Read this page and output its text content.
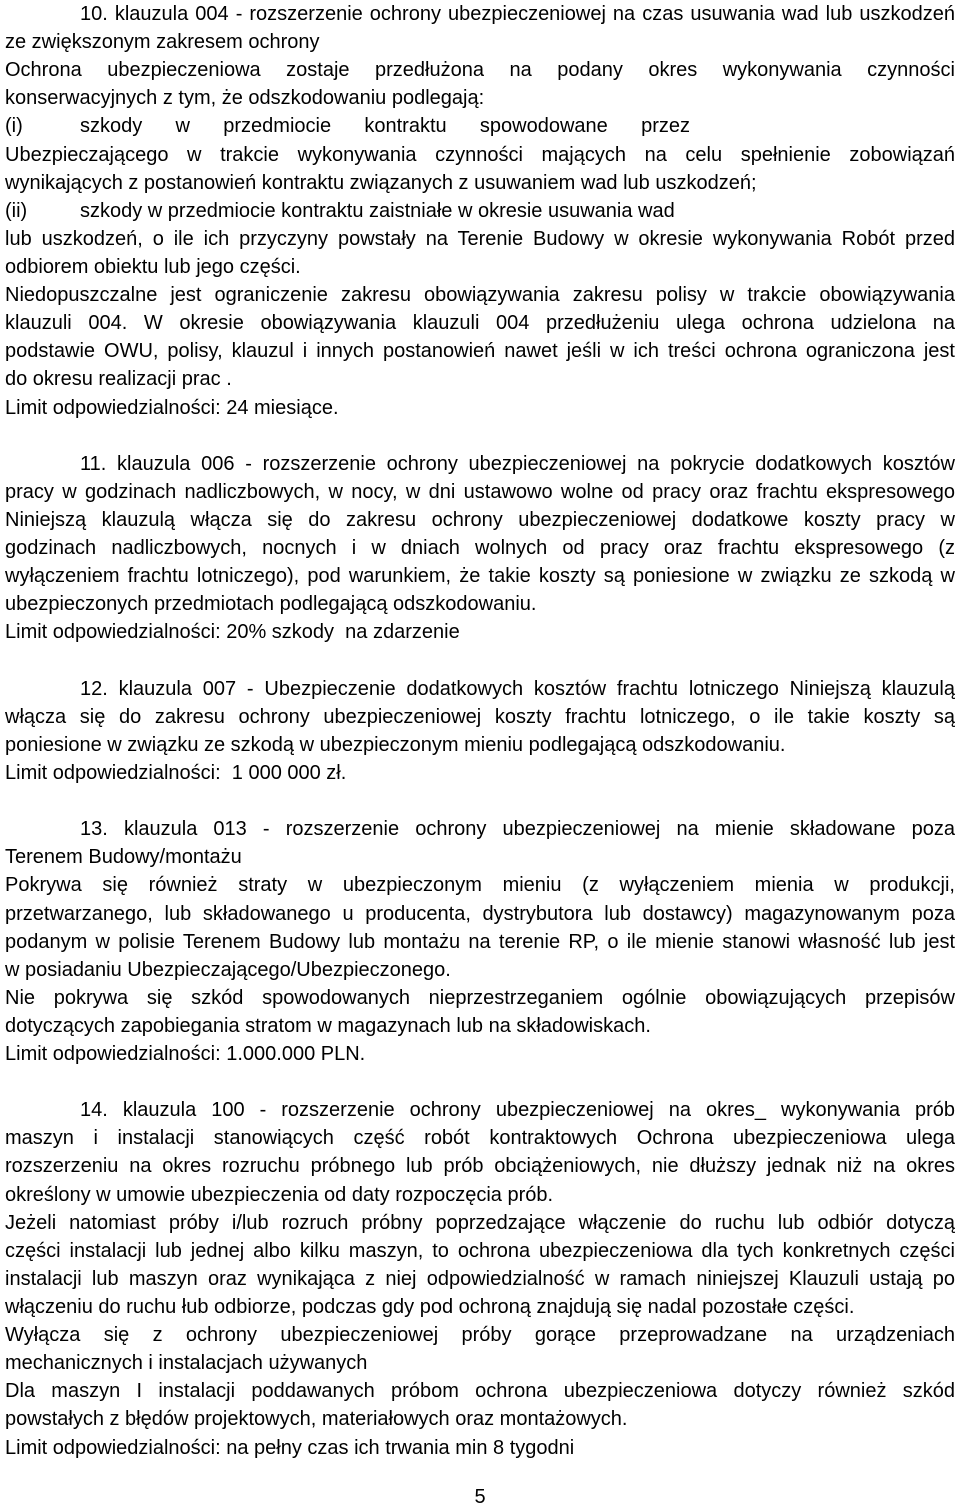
10. klauzula 004 - rozszerzenie ochrony ubezpieczeniowej na czas usuwania wad lub uszkodzeń
ze zwiększonym zakresem ochrony
Ochrona ubezpieczeniowa zostaje przedłużona na podany okres wykonywania czynności
konserwacyjnych z tym, że odszkodowaniu podlegają:
(i)	szkody w przedmiocie kontraktu spowodowane przez
Ubezpieczającego w trakcie wykonywania czynności mających na celu spełnienie zobowiązań
wynikających z postanowień kontraktu związanych z usuwaniem wad lub uszkodzeń;
(ii)	szkody w przedmiocie kontraktu zaistniałe w okresie usuwania wad
lub uszkodzeń, o ile ich przyczyny powstały na Terenie Budowy w okresie wykonywania Robót przed
odbiorem obiektu lub jego części.
Niedopuszczalne jest ograniczenie zakresu obowiązywania zakresu polisy w trakcie obowiązywania
klauzuli 004. W okresie obowiązywania klauzuli 004 przedłużeniu ulega ochrona udzielona na
podstawie OWU, polisy, klauzul i innych postanowień nawet jeśli w ich treści ochrona ograniczona jest
do okresu realizacji prac .
Limit odpowiedzialności: 24 miesiące.
11. klauzula 006 - rozszerzenie ochrony ubezpieczeniowej na pokrycie dodatkowych kosztów
pracy w godzinach nadliczbowych, w nocy, w dni ustawowo wolne od pracy oraz frachtu ekspresowego
Niniejszą klauzulą włącza się do zakresu ochrony ubezpieczeniowej dodatkowe koszty pracy w
godzinach nadliczbowych, nocnych i w dniach wolnych od pracy oraz frachtu ekspresowego (z
wyłączeniem frachtu lotniczego), pod warunkiem, że takie koszty są poniesione w związku ze szkodą w
ubezpieczonych przedmiotach podlegającą odszkodowaniu.
Limit odpowiedzialności: 20% szkody  na zdarzenie
12. klauzula 007 - Ubezpieczenie dodatkowych kosztów frachtu lotniczego Niniejszą klauzulą
włącza się do zakresu ochrony ubezpieczeniowej koszty frachtu lotniczego, o ile takie koszty są
poniesione w związku ze szkodą w ubezpieczonym mieniu podlegającą odszkodowaniu.
Limit odpowiedzialności:  1 000 000 zł.
13. klauzula 013 - rozszerzenie ochrony ubezpieczeniowej na mienie składowane poza
Terenem Budowy/montażu
Pokrywa się również straty w ubezpieczonym mieniu (z wyłączeniem mienia w produkcji,
przetwarzanego, lub składowanego u producenta, dystrybutora lub dostawcy) magazynowanym poza
podanym w polisie Terenem Budowy lub montażu na terenie RP, o ile mienie stanowi własność lub jest
w posiadaniu Ubezpieczającego/Ubezpieczonego.
Nie pokrywa się szkód spowodowanych nieprzestrzeganiem ogólnie obowiązujących przepisów
dotyczących zapobiegania stratom w magazynach lub na składowiskach.
Limit odpowiedzialności: 1.000.000 PLN.
14. klauzula 100 - rozszerzenie ochrony ubezpieczeniowej na okres_ wykonywania prób
maszyn i instalacji stanowiących część robót kontraktowych Ochrona ubezpieczeniowa ulega
rozszerzeniu na okres rozruchu próbnego lub prób obciążeniowych, nie dłuższy jednak niż na okres
określony w umowie ubezpieczenia od daty rozpoczęcia prób.
Jeżeli natomiast próby i/lub rozruch próbny poprzedzające włączenie do ruchu lub odbiór dotyczą
części instalacji lub jednej albo kilku maszyn, to ochrona ubezpieczeniowa dla tych konkretnych części
instalacji lub maszyn oraz wynikająca z niej odpowiedzialność w ramach niniejszej Klauzuli ustają po
włączeniu do ruchu łub odbiorze, podczas gdy pod ochroną znajdują się nadal pozostałe części.
Wyłącza się z ochrony ubezpieczeniowej próby gorące przeprowadzane na urządzeniach
mechanicznych i instalacjach używanych
Dla maszyn I instalacji poddawanych próbom ochrona ubezpieczeniowa dotyczy również szkód
powstałych z błędów projektowych, materiałowych oraz montażowych.
Limit odpowiedzialności: na pełny czas ich trwania min 8 tygodni
5
